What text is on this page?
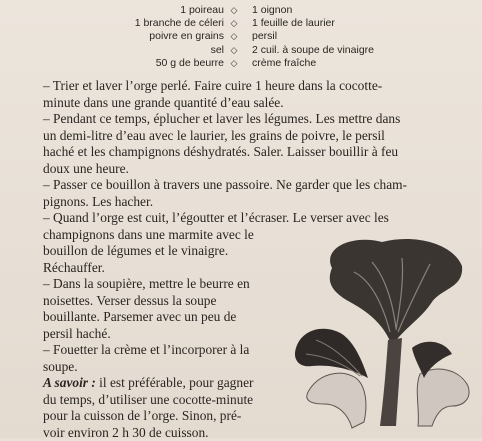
1 poireau ◇ 1 oignon
1 branche de céleri ◇ 1 feuille de laurier
poivre en grains ◇ persil
sel ◇ 2 cuil. à soupe de vinaigre
50 g de beurre ◇ crème fraîche
– Trier et laver l’orge perlé. Faire cuire 1 heure dans la cocotte-
minute dans une grande quantité d’eau salée.
– Pendant ce temps, éplucher et laver les légumes. Les mettre dans
un demi-litre d’eau avec le laurier, les grains de poivre, le persil
haché et les champignons déshydratés. Saler. Laisser bouillir à feu
doux une heure.
– Passer ce bouillon à travers une passoire. Ne garder que les cham-
pignons. Les hacher.
– Quand l’orge est cuit, l’égoutter et l’écraser. Le verser avec les
champignons dans une marmite avec le
bouillon de légumes et le vinaigre.
Réchauffer.
– Dans la soupière, mettre le beurre en
noisettes. Verser dessus la soupe
bouillante. Parsemer avec un peu de
persil haché.
– Fouetter la crème et l’incorporer à la
soupe.
A savoir : il est préférable, pour gagner
du temps, d’utiliser une cocotte-minute
pour la cuisson de l’orge. Sinon, pré-
voir environ 2 h 30 de cuisson.
